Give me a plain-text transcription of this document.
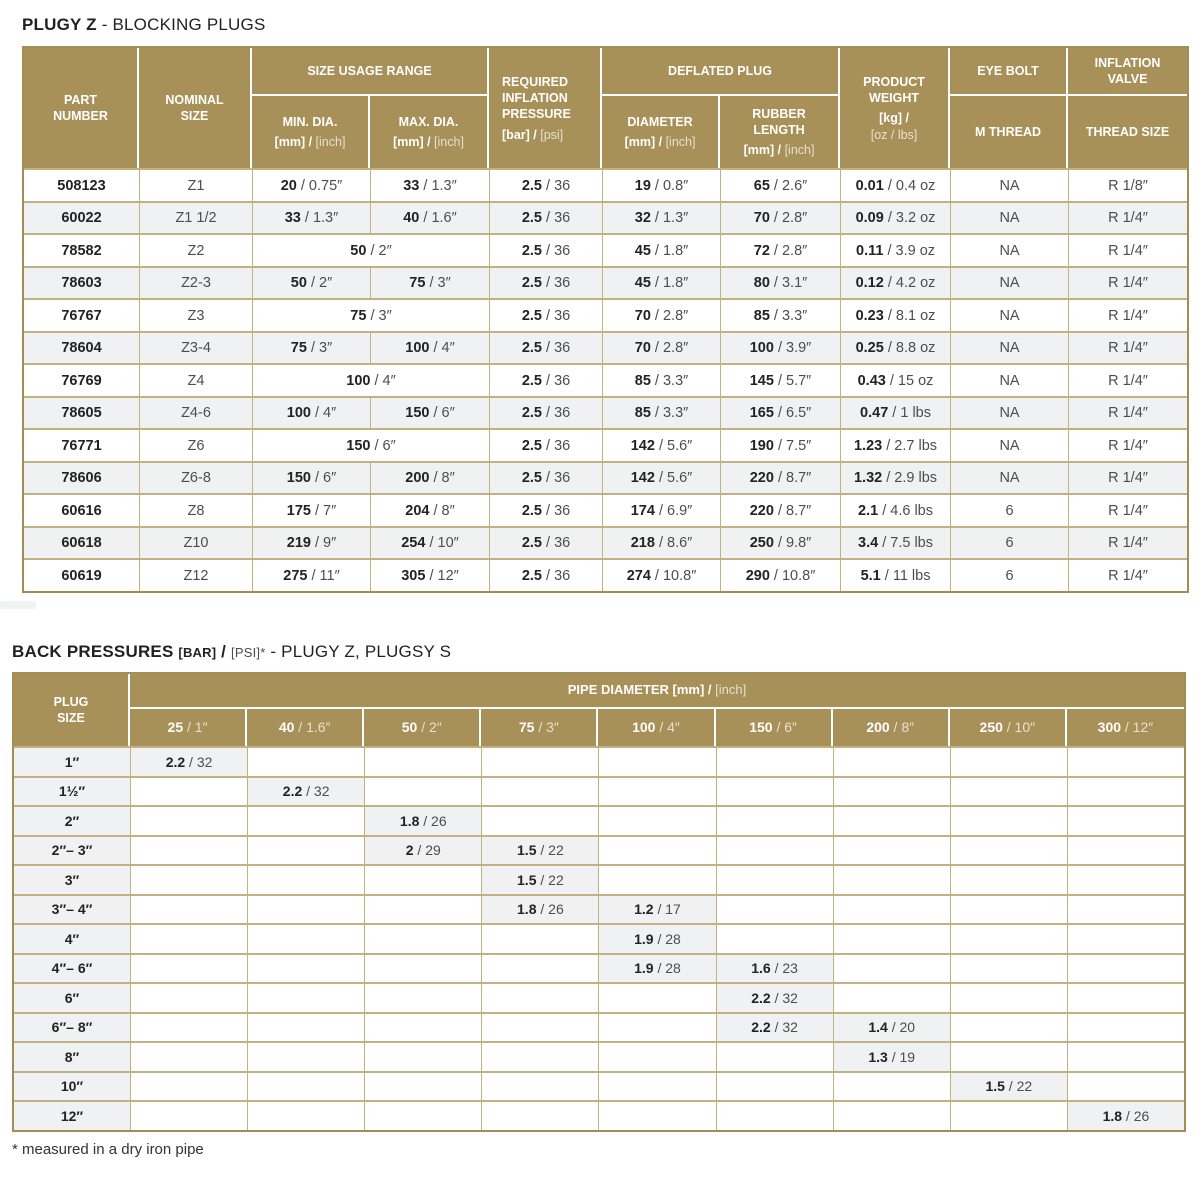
PLUGY Z - BLOCKING PLUGS
PART NUMBER	NOMINAL SIZE	SIZE USAGE RANGE		REQUIRED INFLATION PRESSURE
[bar] / [psi]	DEFLATED PLUG		PRODUCT WEIGHT
[kg] /
[oz / lbs]	EYE BOLT	INFLATION VALVE

		MIN. DIA.
[mm] / [inch]	MAX. DIA.
[mm] / [inch]		DIAMETER
[mm] / [inch]	RUBBER LENGTH
[mm] / [inch]		M THREAD	THREAD SIZE
508123	Z1	20 / 0.75″	33 / 1.3″	2.5 / 36	19 / 0.8″	65 / 2.6″	0.01 / 0.4 oz	NA	R 1/8″
60022	Z1 1/2	33 / 1.3″	40 / 1.6″	2.5 / 36	32 / 1.3″	70 / 2.8″	0.09 / 3.2 oz	NA	R 1/4″
78582	Z2	50 / 2″		2.5 / 36	45 / 1.8″	72 / 2.8″	0.11 / 3.9 oz	NA	R 1/4″
78603	Z2-3	50 / 2″	75 / 3″	2.5 / 36	45 / 1.8″	80 / 3.1″	0.12 / 4.2 oz	NA	R 1/4″
76767	Z3	75 / 3″		2.5 / 36	70 / 2.8″	85 / 3.3″	0.23 / 8.1 oz	NA	R 1/4″
78604	Z3-4	75 / 3″	100 / 4″	2.5 / 36	70 / 2.8″	100 / 3.9″	0.25 / 8.8 oz	NA	R 1/4″
76769	Z4	100 / 4″		2.5 / 36	85 / 3.3″	145 / 5.7″	0.43 / 15 oz	NA	R 1/4″
78605	Z4-6	100 / 4″	150 / 6″	2.5 / 36	85 / 3.3″	165 / 6.5″	0.47 / 1 lbs	NA	R 1/4″
76771	Z6	150 / 6″		2.5 / 36	142 / 5.6″	190 / 7.5″	1.23 / 2.7 lbs	NA	R 1/4″
78606	Z6-8	150 / 6″	200 / 8″	2.5 / 36	142 / 5.6″	220 / 8.7″	1.32 / 2.9 lbs	NA	R 1/4″
60616	Z8	175 / 7″	204 / 8″	2.5 / 36	174 / 6.9″	220 / 8.7″	2.1 / 4.6 lbs	6	R 1/4″
60618	Z10	219 / 9″	254 / 10″	2.5 / 36	218 / 8.6″	250 / 9.8″	3.4 / 7.5 lbs	6	R 1/4″
60619	Z12	275 / 11″	305 / 12″	2.5 / 36	274 / 10.8″	290 / 10.8″	5.1 / 11 lbs	6	R 1/4″
BACK PRESSURES [BAR] / [PSI]* - PLUGY Z, PLUGSY S
PLUG SIZE	PIPE DIAMETER [mm] / [inch]								
	25 / 1″	40 / 1.6″	50 / 2″	75 / 3″	100 / 4″	150 / 6″	200 / 8″	250 / 10″	300 / 12″
1″	2.2 / 32								
1½″		2.2 / 32							
2″			1.8 / 26						
2″– 3″			2 / 29	1.5 / 22					
3″				1.5 / 22					
3″– 4″				1.8 / 26	1.2 / 17				
4″					1.9 / 28				
4″– 6″					1.9 / 28	1.6 / 23			
6″						2.2 / 32			
6″– 8″						2.2 / 32	1.4 / 20		
8″							1.3 / 19		
10″								1.5 / 22	
12″									1.8 / 26

* measured in a dry iron pipe
